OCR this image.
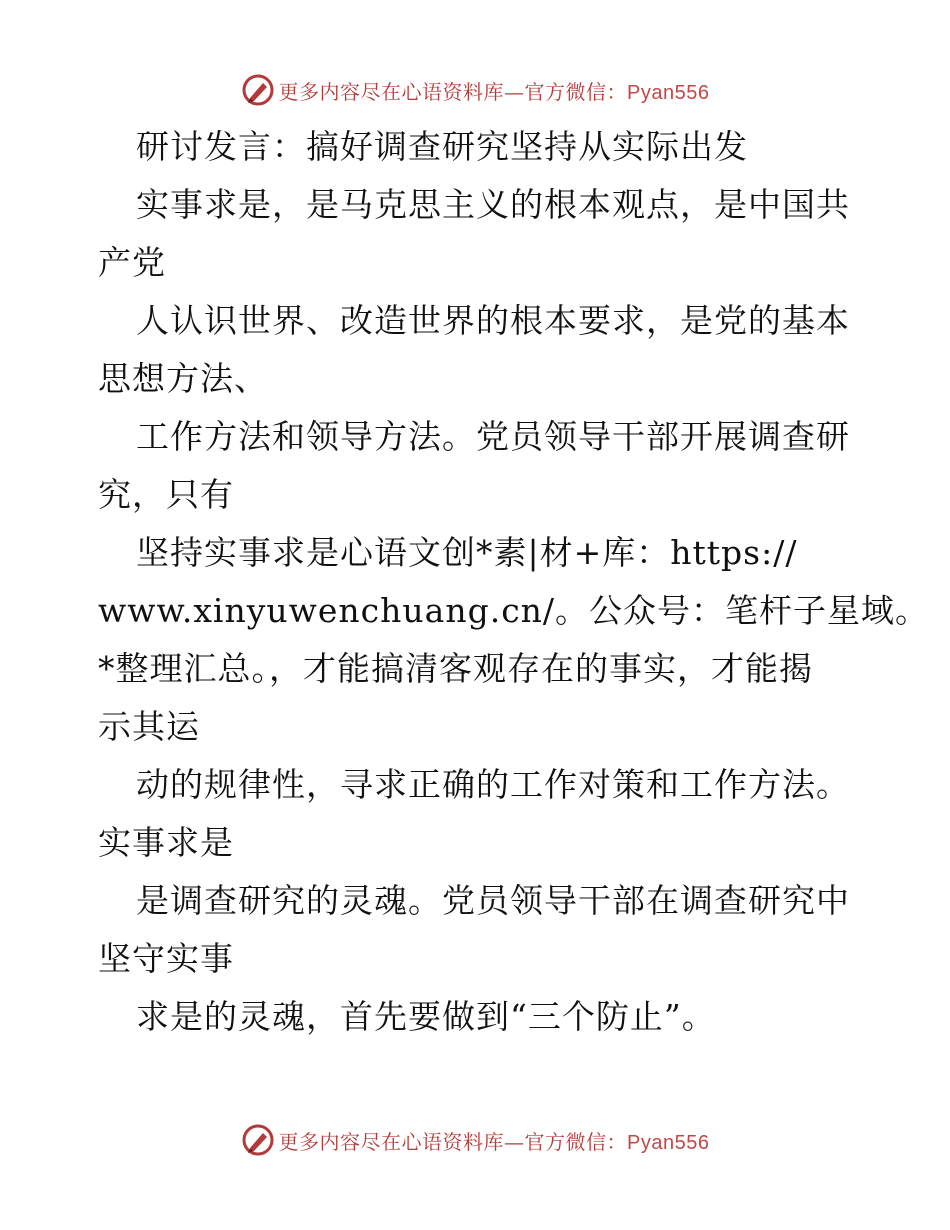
更多内容尽在心语资料库—官方微信：Pyan556
研讨发言：搞好调查研究坚持从实际出发
实事求是，是马克思主义的根本观点，是中国共
产党
人认识世界、改造世界的根本要求，是党的基本
思想方法、
工作方法和领导方法。党员领导干部开展调查研
究，只有
坚持实事求是心语文创*素|材+库：https://
www.xinyuwenchuang.cn/。公众号：笔杆子星域。
*整理汇总。，才能搞清客观存在的事实，才能揭
示其运
动的规律性，寻求正确的工作对策和工作方法。
实事求是
是调查研究的灵魂。党员领导干部在调查研究中
坚守实事
求是的灵魂，首先要做到“三个防止”。
更多内容尽在心语资料库—官方微信：Pyan556
